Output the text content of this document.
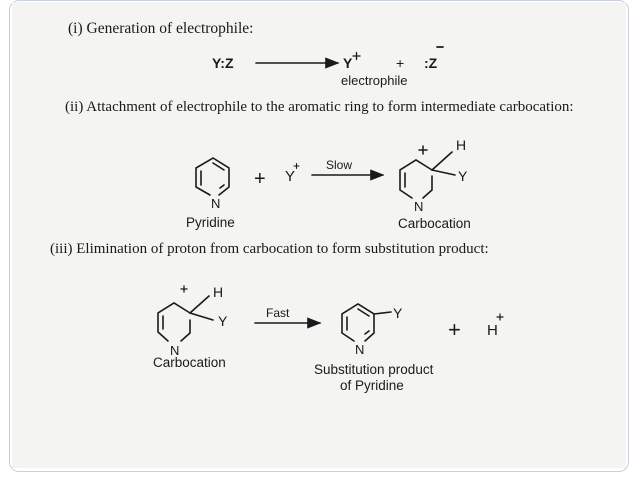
(i) Generation of electrophile:
(ii) Attachment of electrophile to the aromatic ring to form intermediate carbocation:
(iii) Elimination of proton from carbocation to form substitution product:
Y:Z	Y	+ :Z
electrophile
N
+ Y
Slow
H
Y
N
Pyridine	Carbocation
H
Y
N
Fast	Y
N
+ H
Carbocation	Substitution product
of Pyridine
